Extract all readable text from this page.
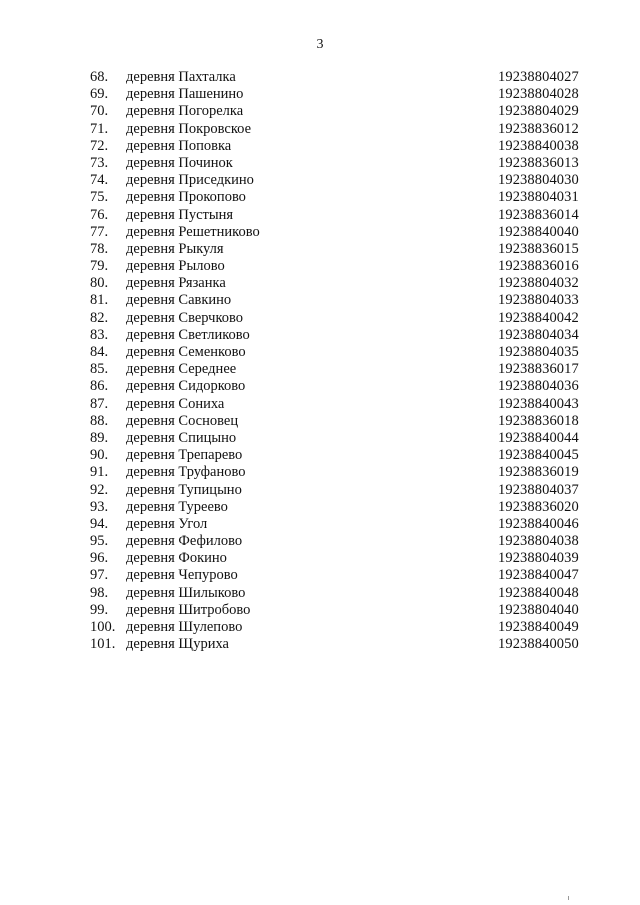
3
68. деревня Пахталка	19238804027
69. деревня Пашенино	19238804028
70. деревня Погорелка	19238804029
71. деревня Покровское	19238836012
72. деревня Поповка	19238840038
73. деревня Починок	19238836013
74. деревня Приседкино	19238804030
75. деревня Прокопово	19238804031
76. деревня Пустыня	19238836014
77. деревня Решетниково	19238840040
78. деревня Рыкуля	19238836015
79. деревня Рылово	19238836016
80. деревня Рязанка	19238804032
81. деревня Савкино	19238804033
82. деревня Сверчково	19238840042
83. деревня Светликово	19238804034
84. деревня Семенково	19238804035
85. деревня Середнее	19238836017
86. деревня Сидорково	19238804036
87. деревня Сониха	19238840043
88. деревня Сосновец	19238836018
89. деревня Спицыно	19238840044
90. деревня Трепарево	19238840045
91. деревня Труфаново	19238836019
92. деревня Тупицыно	19238804037
93. деревня Туреево	19238836020
94. деревня Угол	19238840046
95. деревня Фефилово	19238804038
96. деревня Фокино	19238804039
97. деревня Чепурово	19238840047
98. деревня Шилыково	19238840048
99. деревня Шитробово	19238804040
100. деревня Шулепово	19238840049
101. деревня Щуриха	19238840050
